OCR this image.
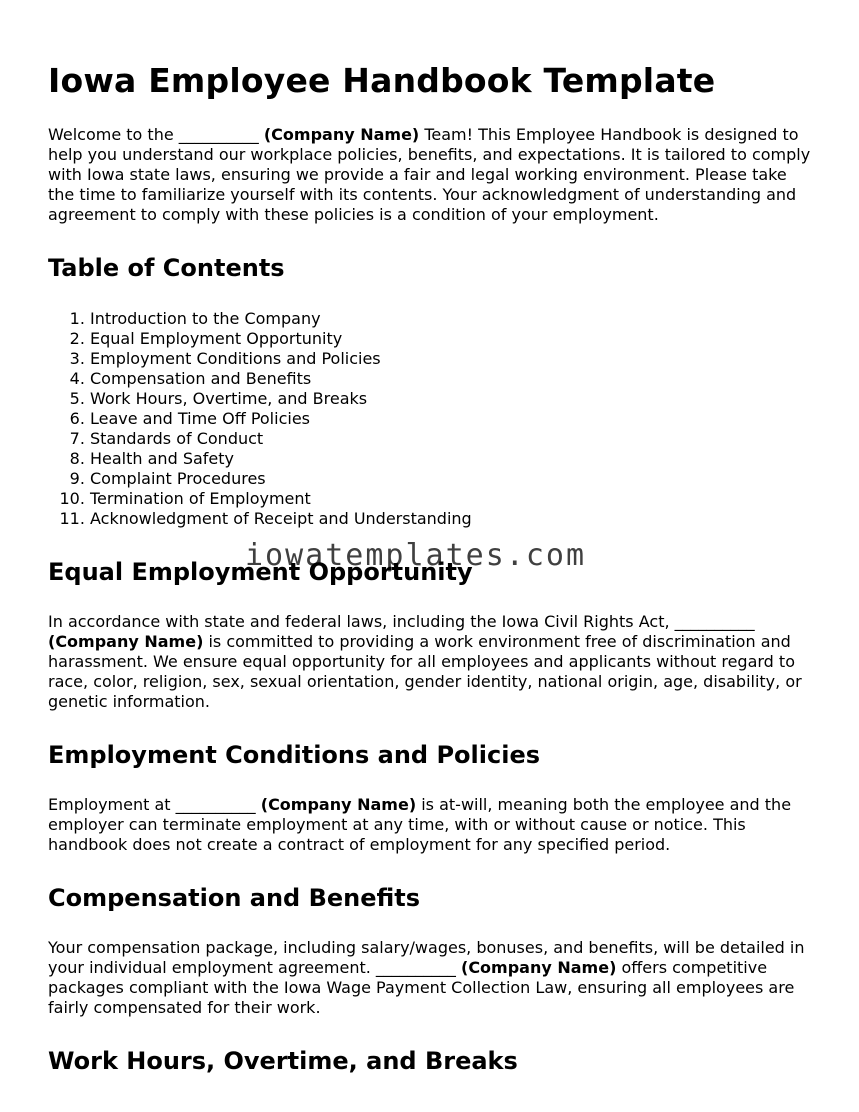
Iowa Employee Handbook Template

Welcome to the __________ (Company Name) Team! This Employee Handbook is designed to help you understand our workplace policies, benefits, and expectations. It is tailored to comply with Iowa state laws, ensuring we provide a fair and legal working environment. Please take the time to familiarize yourself with its contents. Your acknowledgment of understanding and agreement to comply with these policies is a condition of your employment.

Table of Contents
1. Introduction to the Company
2. Equal Employment Opportunity
3. Employment Conditions and Policies
4. Compensation and Benefits
5. Work Hours, Overtime, and Breaks
6. Leave and Time Off Policies
7. Standards of Conduct
8. Health and Safety
9. Complaint Procedures
10. Termination of Employment
11. Acknowledgment of Receipt and Understanding
Equal Employment Opportunity

In accordance with state and federal laws, including the Iowa Civil Rights Act, __________ (Company Name) is committed to providing a work environment free of discrimination and harassment. We ensure equal opportunity for all employees and applicants without regard to race, color, religion, sex, sexual orientation, gender identity, national origin, age, disability, or genetic information.

Employment Conditions and Policies

Employment at __________ (Company Name) is at-will, meaning both the employee and the employer can terminate employment at any time, with or without cause or notice. This handbook does not create a contract of employment for any specified period.

Compensation and Benefits

Your compensation package, including salary/wages, bonuses, and benefits, will be detailed in your individual employment agreement. __________ (Company Name) offers competitive packages compliant with the Iowa Wage Payment Collection Law, ensuring all employees are fairly compensated for their work.

Work Hours, Overtime, and Breaks
iowatemplates.com
